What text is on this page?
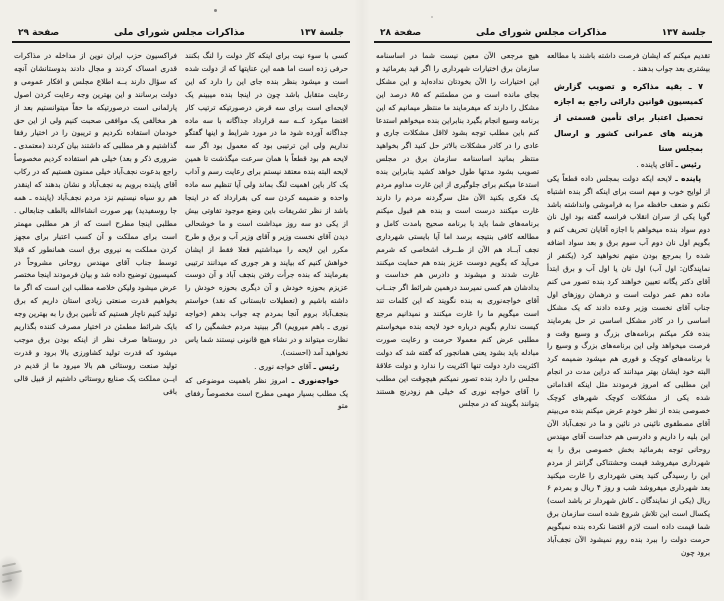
جلسة ۱۳۷
مذاکرات مجلس شورای ملی
صفحة ۲۹

کسی با سوء نیت برای اینکه کار دولت را لنگ بکنند حرفی زده است اما همه این عنایتها که از دولت شده است و میشود بنظر بنده جای این را دارد که این رعایت متقابل باشد چون در اینجا بنده میبینم یک لایحه‌ای است برای سه قرض درصورتیکه ترتیب کار اقتضا میکرد کــه سه قرارداد جداگانه با سه ماده جداگانه آورده شود ما در مورد شرایط و اینها گفتگو نداریم ولی این ترتیبی بود که معمول بود اگر سه لایحه هم بود قطعاً با همان سرعت میگذشت تا همین لایحه البته بنده معتقد نیستم برای رعایت رسم و آداب یک کار باین اهمیت لنگ بماند ولی آیا تنظیم سه ماده واحده و ضمیمه کردن سه کی بقرارداد که در اینجا باشد از نظر تشریفات باین وضع موجود تفاوتی بیش از یکی دو سه روز میداشت است و ما خوشحالی دیدن آقای نخست وزیر و آقای وزیر آب و برق و طرح مکرر این لایحه را میداشتیم فعلا فقط از ایشان خواهش کنیم که بیایند و هر جوری که میدانند ترتیبی بفرمایند که بنده جرأت رفتن بنجف آباد و آن دوست عزیزم بحوزه خودش و آن دیگری بحوزه خودش را داشته باشیم و (تعطیلات تابستانی که نقد) خواستم بنجف‌آباد بروم آنجا بمردم چه جواب بدهم (خواجه نوری ـ باهم میرویم) اگر ببینید مردم خشمگین را که نظارت میتواند و در نشاء هیچ قانونی نیستند شما یاس نخواهید آمد (احسنت).

رئیس ـ آقای خواجه نوری .

خواجه‌نوری ـ امروز نظر باهمیت موضوعی که یک مطلب بسیار مهمی مطرح است مخصوصاً رفقای متو

فراکسیون حزب ایران نوین از مداخله در مذاکرات قدری امساک کردند و مجال دادند بدوستانشان آنچه که سؤال دارند بــه اطلاع مجلس و افکار عمومی و دولت برسانند و این بهترین وجه رعایت کردن اصول پارلمانی است درصورتیکه ما حقاً میتوانستیم بعد از هر مخالفی یک موافقی صحبت کنیم ولی از این حق خودمان استفاده نکردیم و تریبون را در اختیار رفقا گذاشتیم و هر مطلبی که داشتند بیان کردند (معتمدی ـ ضروری ذکر و بعد) خیلی هم استفاده کردیم مخصوصاً راجع بدعوت نجف‌آباد خیلی ممنون هستیم که در رکاب آقای پاینده برویم به نجف‌آباد و نشان بدهند که اینقدر هم رو سیاه نیستیم نزد مردم نجف‌آباد (پاینده ـ همه جا روسفیدید) بهر صورت انشاءالله بالطف جنابعالی . مطلبی اینجا مطرح است که از هر مطلبی مهمتر است برای مملکت و آن کسب اعتبار برای مجهز کردن مملکت به نیروی برق است همانطور که قبلا توسط جناب آقای مهندس روحانی مشروحاً در کمیسیون توضیح داده شد و بیان فرمودند اینجا مختصر عرض میشود ولیکن خلاصه مطلب این است که اگر ما بخواهیم قدرت صنعتی زیادی استان داریم که برق تولید کنیم ناچار هستیم که تأمین برق را به بهترین وجه بایک شرائط مطمئن در اختیار مصرف کننده بگذاریم در روستاها صرف نظر از اینکه بودن برق موجب میشود که قدرت تولید کشاورزی بالا برود و قدرت تولید صنعت روستائی هم بالا میرود ما از قدیم در ایــن مملکت یک صنایع روستائی داشتیم از قبیل قالی بافی

جلسة ۱۳۷
مذاکرات مجلس شورای ملی
صفحة ۲۸

تقدیم میکنم که ایشان فرصت داشته باشند با مطالعه بیشتری بعد جواب بدهند .

۷ ـ بقیه مذاکره و تصویب گزارش کمیسیون قوانین دارائی راجع به اجازه تحصیل اعتبار برای تأمین قسمتی از هزینه های عمرانی کشور و ارسال بمجلس سنا

رئیس ـ آقای پاینده .

پاینده ـ لایحه ایکه دولت بمجلس داده قطعاً یکی از لوایح خوب و مهم است برای اینکه اگر بنده اشتباه نکنم و ضعف حافظه مرا به فراموشی وانداشته باشد گویا یکی از سران انقلاب فرانسه گفته بود اول نان دوم سواد بنده میخواهم با اجازه آقایان تحریف کنم و بگویم اول نان دوم آب سوم برق و بعد سواد اضافه شده را بمرجع بودن متهم نخواهید کرد (یکنفر از نمایندگان: اول آب) اول نان یا اول آب و برق ابتدأ آقای دکتر یگانه تعیین خواهند کرد بنده تصور می کنم ماده دهم عمر دولت است و درهمان روزهای اول جناب آقای نخست وزیر وعده دادند که یک مشکل اساسی را در کادر مشکل اساسی تر حل بفرمایند بنده فکر میکنم برنامه‌های بزرگ و وسیع وقت و فرصت میخواهد ولی این برنامه‌های بزرگ و وسیع را با برنامه‌های کوچک و فوری هم میشود ضمیمه کرد البته خود ایشان بهتر میدانند که دراین مدت در انجام این مطلبی که امروز فرمودند مثل اینکه اقداماتی شده یکی از مشکلات کوچک شهرهای کوچک خصوصی بنده از نظر خودم عرض میکنم بنده می‌بینم آقای مصطفوی نائینی در نائین و ما در نجف‌آباد الآن این بلیه را داریم و دادرسی هم خداست آقای مهندس روحانی توجه بفرمائید بخش خصوصی برق را به شهرداری میفروشد قیمت وحشتناکی گرانتر از مردم این را رسیدگی کنید یعنی شهرداری را غارت میکنید بعد شهرداری میفروشد شب و روز ۴ ریال و بمردم ۶ ریال (یکی از نمایندگان ـ کاش شهردار تر باشد است) یکسال است این تلاش شروع شده است سازمان برق شما قیمت داده است لازم اقتضا نکرده بنده نمیگویم حرمت دولت را ببرد بنده روم نمیشود الآن نجف‌آباد برود چون

هیچ مرجعی الآن معین نیست شما در اساسنامه سازمان برق اختیارات شهرداری را اگر قید بفرمائید و این اختیارات را الآن بخودتان نداده‌اید و این مشکل بجای مانده است و من مطمئنم که ۸۵ درصد این مشکل را دارند که میفرمایند ما منتظر میمانیم که این برنامه وسیع انجام بگیرد بنابراین بنده میخواهم استدعا کنم باین مطلب توجه بشود لااقل مشکلات جاری و عادی را در کادر مشکلات بالاتر حل کنید اگر بخواهید منتظر بمانید اساسنامه سازمان برق در مجلس تصویب بشود مدتها طول خواهد کشید بنابراین بنده استدعا میکنم برای جلوگیری از این غارت مداوم مردم یک فکری بکنید الآن مثل سرگردنه مردم را دارند غارت میکنند درست است و بنده هم قبول میکنم برنامه‌های شما باید با برنامه صحیح بامدت کامل و مطالعه کافی بنتیجه برسد اما آیا بایستی شهرداری نجف آبــاد هم الآن از طــرف اشخاصی که شرمم می‌آید که بگویم دوست عزیز بنده هم حمایت میکنند غارت شدند و میشوند و دادرس هم خداست و بدادشان هم کسی نمیرسد درهمین شرائط اگر جنــاب آقای خواجه‌نوری به بنده نگویند که این کلمات تند است میگویم ما را غارت میکنند و نمیدانیم مرجع کیست ندارم بگویم درباره خود لایحه بنده میخواستم مطلبی عرض کنم معمولا حرمت و رعایت صورت مبادله باید بشود یعنی همانجور که گفته شد که دولت اکثریت دارد دولت تنها اکثریت را ندارد و دولت علاقهٔ مجلس را دارد بنده تصور نمیکنم هیچوقت این مطلب را آقای خواجه نوری که خیلی هم زودرنج هستند بتوانند بگویند که در مجلس
